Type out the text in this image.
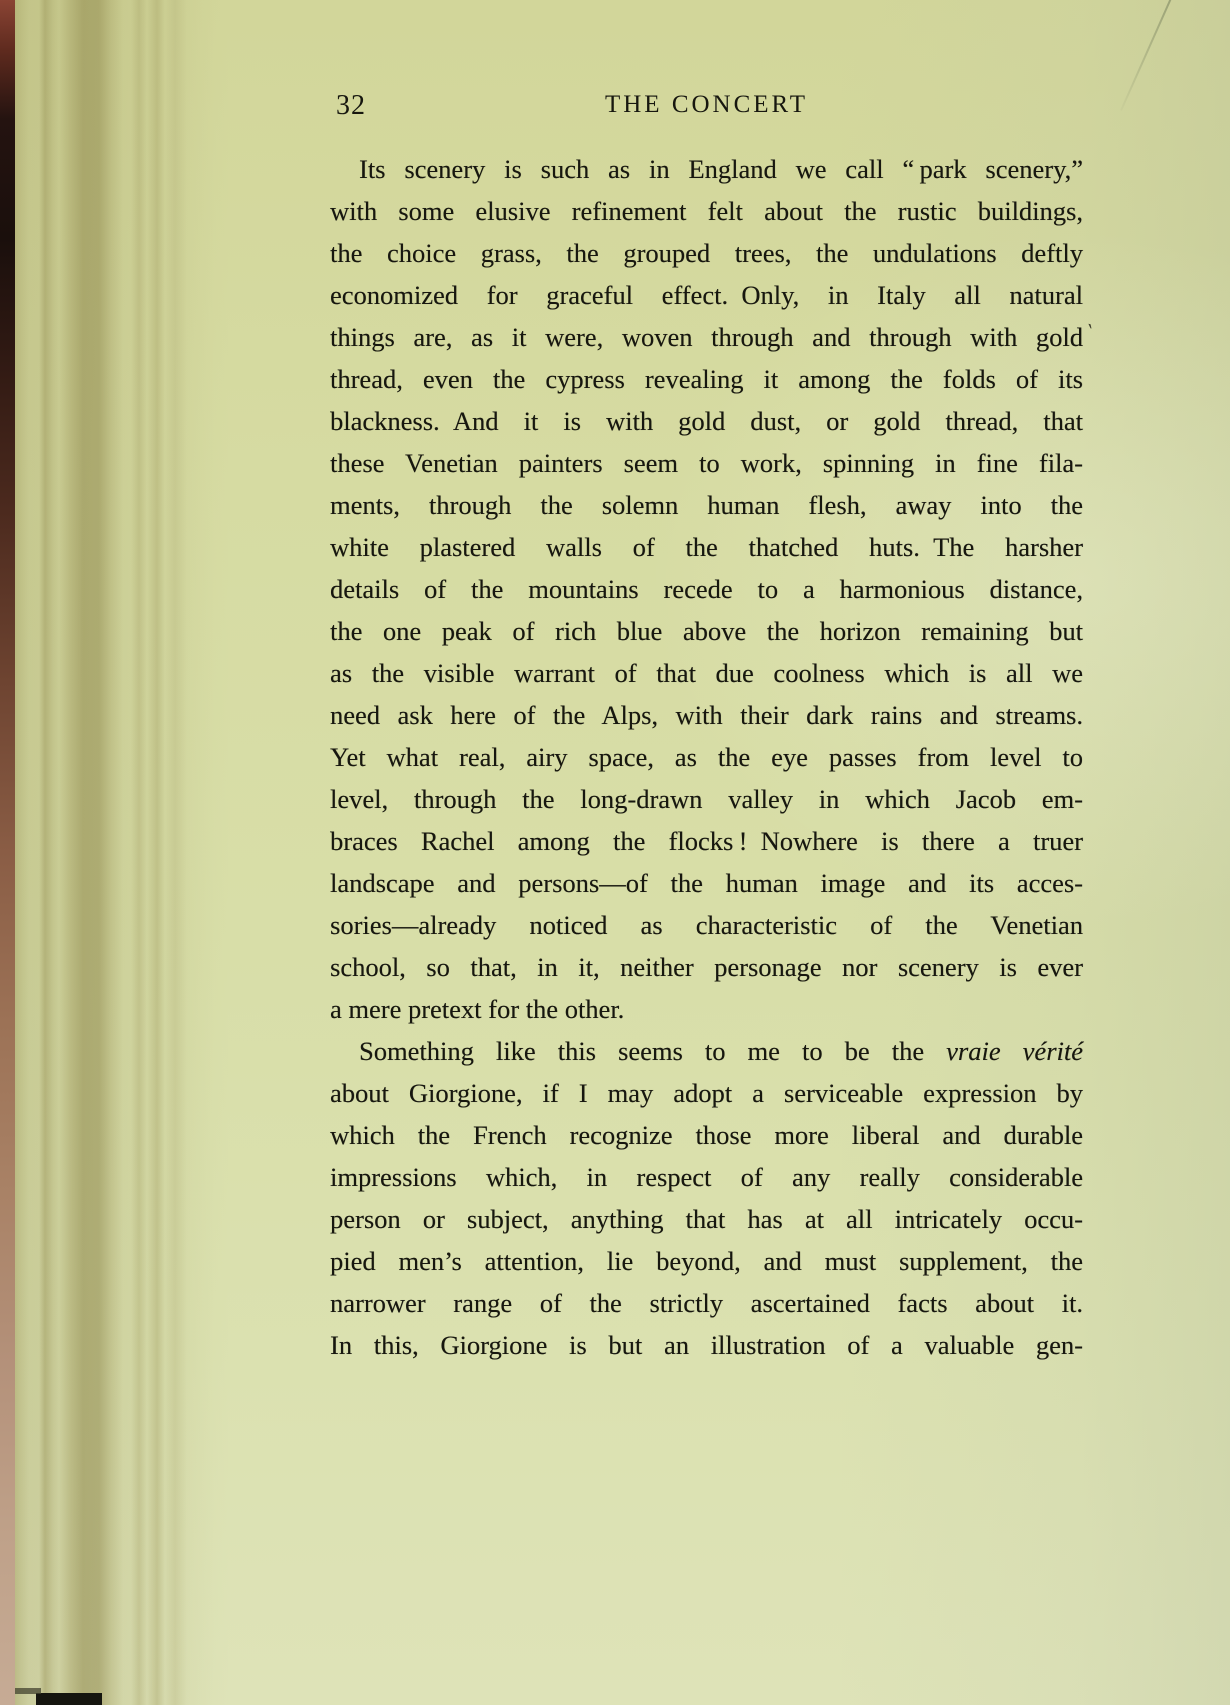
32	THE CONCERT
Its scenery is such as in England we call “ park scenery,”
with some elusive refinement felt about the rustic buildings,
the choice grass, the grouped trees, the undulations deftly
economized for graceful effect. Only, in Italy all natural
things are, as it were, woven through and through with gold
thread, even the cypress revealing it among the folds of its
blackness. And it is with gold dust, or gold thread, that
these Venetian painters seem to work, spinning in fine fila-
ments, through the solemn human flesh, away into the
white plastered walls of the thatched huts. The harsher
details of the mountains recede to a harmonious distance,
the one peak of rich blue above the horizon remaining but
as the visible warrant of that due coolness which is all we
need ask here of the Alps, with their dark rains and streams.
Yet what real, airy space, as the eye passes from level to
level, through the long-drawn valley in which Jacob em-
braces Rachel among the flocks ! Nowhere is there a truer
landscape and persons—of the human image and its acces-
sories—already noticed as characteristic of the Venetian
school, so that, in it, neither personage nor scenery is ever
a mere pretext for the other.
Something like this seems to me to be the vraie vérité
about Giorgione, if I may adopt a serviceable expression by
which the French recognize those more liberal and durable
impressions which, in respect of any really considerable
person or subject, anything that has at all intricately occu-
pied men’s attention, lie beyond, and must supplement, the
narrower range of the strictly ascertained facts about it.
In this, Giorgione is but an illustration of a valuable gen-
‵
